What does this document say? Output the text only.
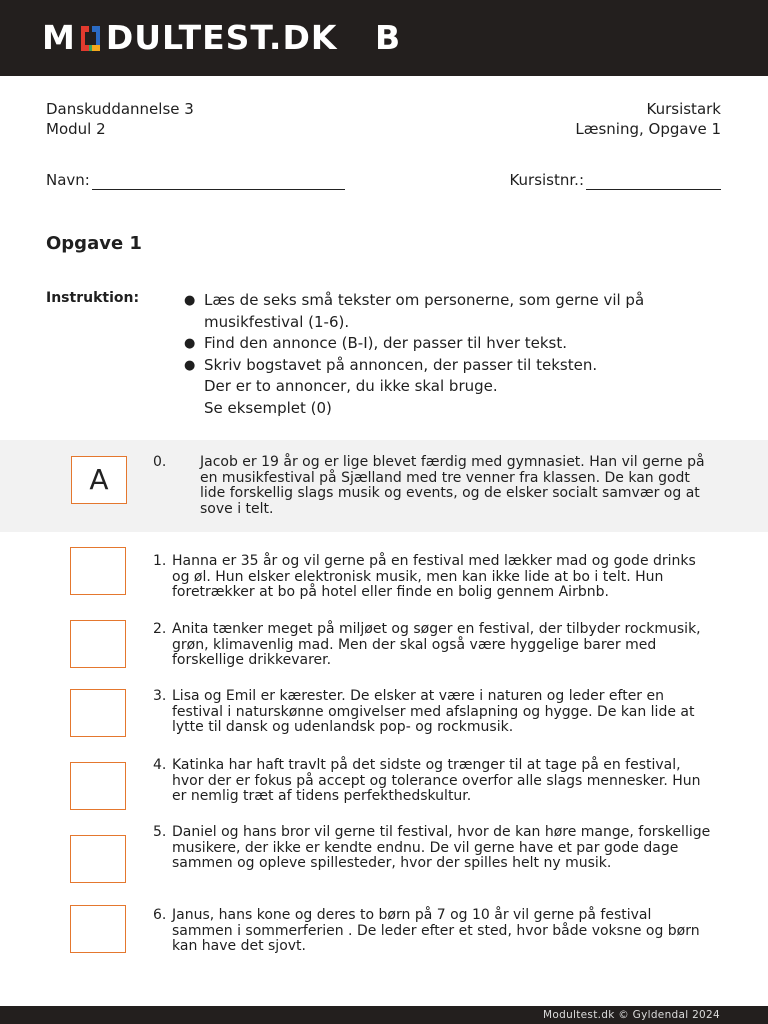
M DULTEST.DK B
Danskuddannelse 3
Modul 2
Kursistark
Læsning, Opgave 1
Navn:	Kursistnr.:
Opgave 1
Instruktion:	● Læs de seks små tekster om personerne, som gerne vil på
musikfestival (1-6).
● Find den annonce (B-I), der passer til hver tekst.
● Skriv bogstavet på annoncen, der passer til teksten.
Der er to annoncer, du ikke skal bruge.
Se eksemplet (0)
A
0. Jacob er 19 år og er lige blevet færdig med gymnasiet. Han vil gerne på en musikfestival på Sjælland med tre venner fra klassen. De kan godt lide forskellig slags musik og events, og de elsker socialt samvær og at sove i telt.
1. Hanna er 35 år og vil gerne på en festival med lækker mad og gode drinks og øl. Hun elsker elektronisk musik, men kan ikke lide at bo i telt. Hun foretrækker at bo på hotel eller finde en bolig gennem Airbnb.
2. Anita tænker meget på miljøet og søger en festival, der tilbyder rockmusik, grøn, klimavenlig mad. Men der skal også være hyggelige barer med forskellige drikkevarer.
3. Lisa og Emil er kærester. De elsker at være i naturen og leder efter en festival i naturskønne omgivelser med afslapning og hygge. De kan lide at lytte til dansk og udenlandsk pop- og rockmusik.
4. Katinka har haft travlt på det sidste og trænger til at tage på en festival, hvor der er fokus på accept og tolerance overfor alle slags mennesker. Hun er nemlig træt af tidens perfekthedskultur.
5. Daniel og hans bror vil gerne til festival, hvor de kan høre mange, forskellige musikere, der ikke er kendte endnu. De vil gerne have et par gode dage sammen og opleve spillesteder, hvor der spilles helt ny musik.
6. Janus, hans kone og deres to børn på 7 og 10 år vil gerne på festival sammen i sommerferien . De leder efter et sted, hvor både voksne og børn kan have det sjovt.
Modultest.dk © Gyldendal 2024
